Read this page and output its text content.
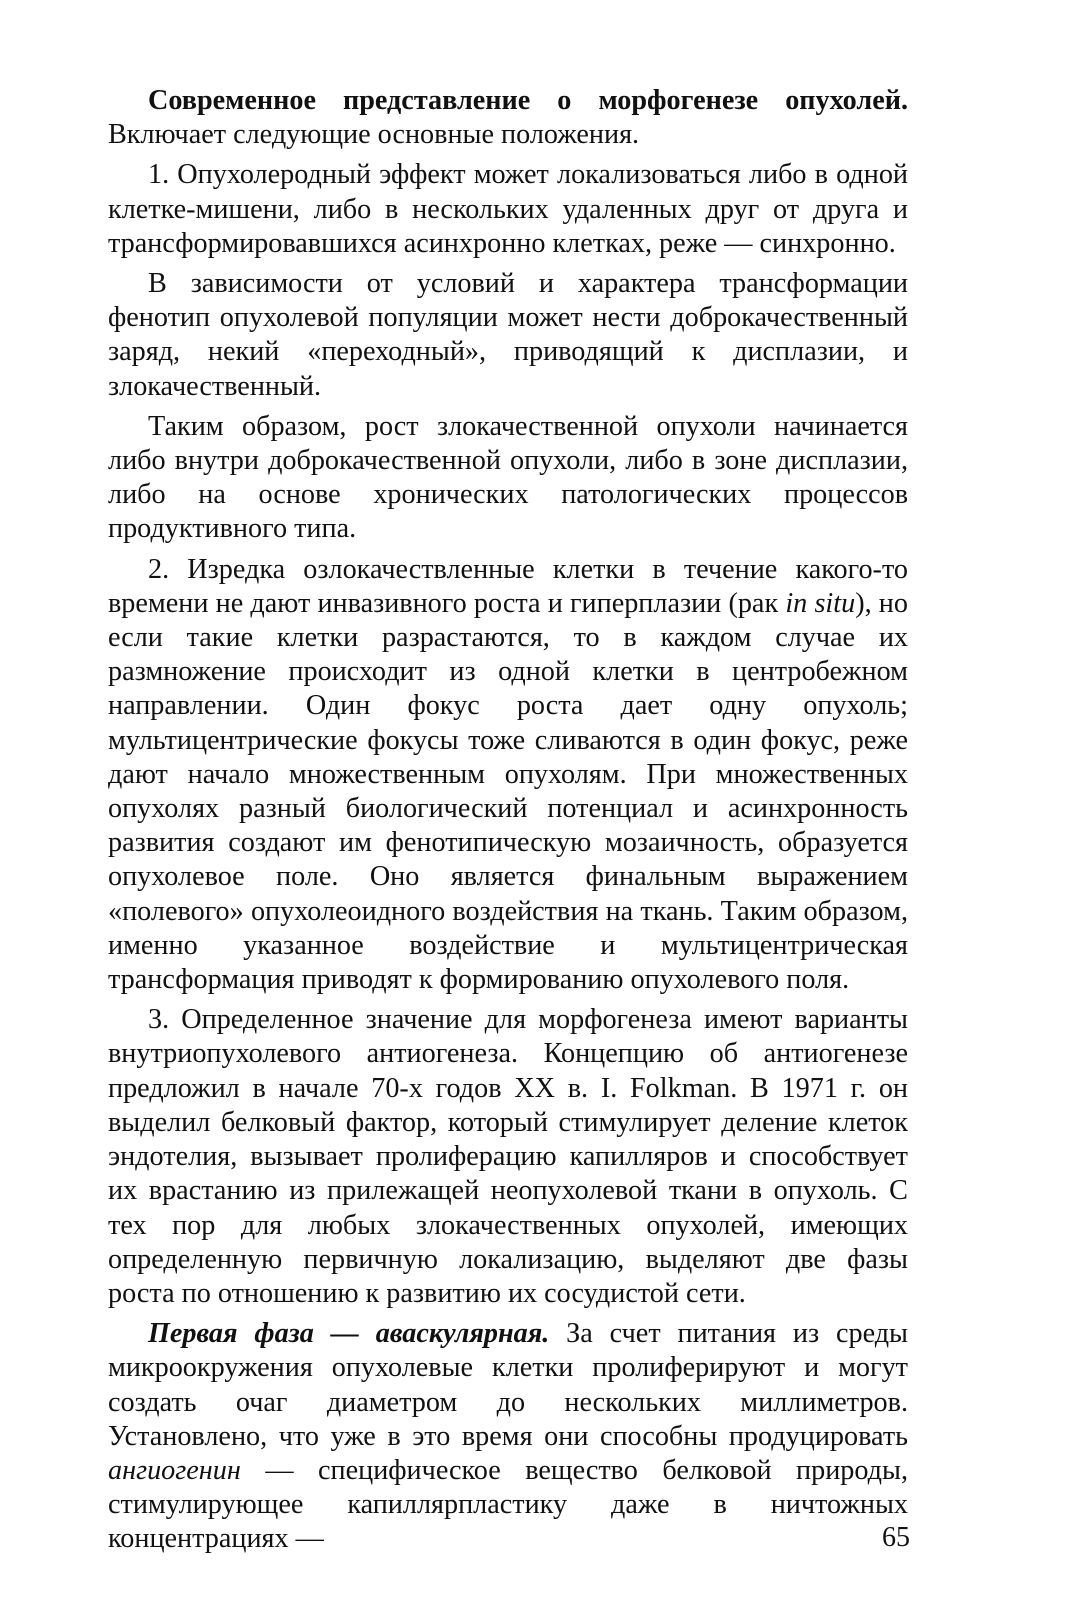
Современное представление о морфогенезе опухолей. Включает следующие основные положения.

1. Опухолеродный эффект может локализоваться либо в одной клетке-мишени, либо в нескольких удаленных друг от друга и трансформировавшихся асинхронно клетках, реже — синхронно.

В зависимости от условий и характера трансформации фенотип опухолевой популяции может нести доброкачественный заряд, некий «переходный», приводящий к дисплазии, и злокачественный.

Таким образом, рост злокачественной опухоли начинается либо внутри доброкачественной опухоли, либо в зоне дисплазии, либо на основе хронических патологических процессов продуктивного типа.

2. Изредка озлокачествленные клетки в течение какого-то времени не дают инвазивного роста и гиперплазии (рак in situ), но если такие клетки разрастаются, то в каждом случае их размножение происходит из одной клетки в центробежном направлении. Один фокус роста дает одну опухоль; мультицентрические фокусы тоже сливаются в один фокус, реже дают начало множественным опухолям. При множественных опухолях разный биологический потенциал и асинхронность развития создают им фенотипическую мозаичность, образуется опухолевое поле. Оно является финальным выражением «полевого» опухолеоидного воздействия на ткань. Таким образом, именно указанное воздействие и мультицентрическая трансформация приводят к формированию опухолевого поля.

3. Определенное значение для морфогенеза имеют варианты внутриопухолевого антиогенеза. Концепцию об антиогенезе предложил в начале 70-х годов XX в. I. Folkman. В 1971 г. он выделил белковый фактор, который стимулирует деление клеток эндотелия, вызывает пролиферацию капилляров и способствует их врастанию из прилежащей неопухолевой ткани в опухоль. С тех пор для любых злокачественных опухолей, имеющих определенную первичную локализацию, выделяют две фазы роста по отношению к развитию их сосудистой сети.

Первая фаза — аваскулярная. За счет питания из среды микроокружения опухолевые клетки пролиферируют и могут создать очаг диаметром до нескольких миллиметров. Установлено, что уже в это время они способны продуцировать ангиогенин — специфическое вещество белковой природы, стимулирующее капиллярпластику даже в ничтожных концентрациях —	65
